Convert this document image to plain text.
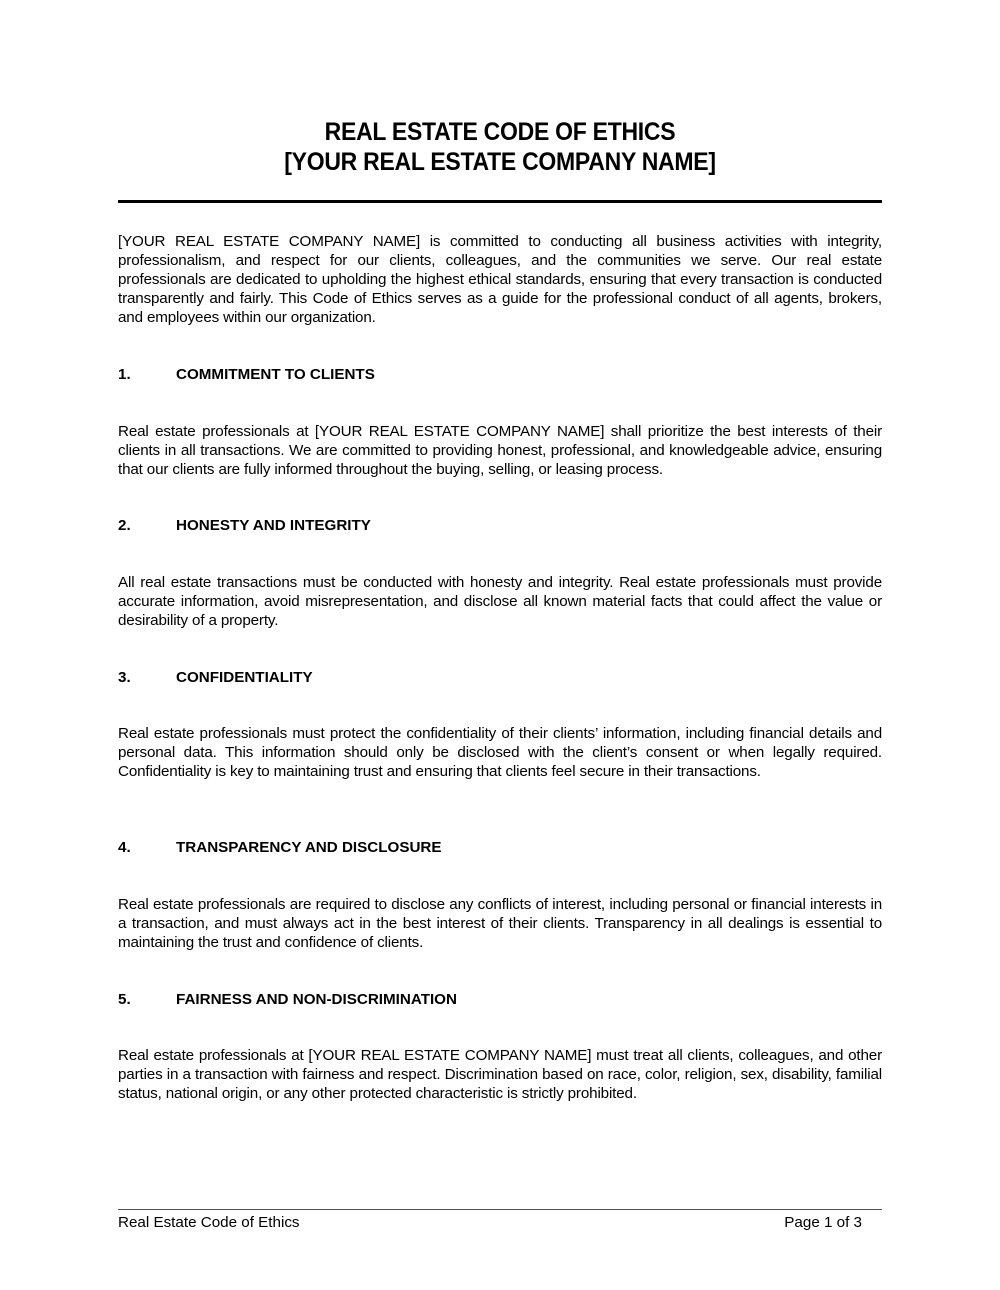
REAL ESTATE CODE OF ETHICS
[YOUR REAL ESTATE COMPANY NAME]

[YOUR REAL ESTATE COMPANY NAME] is committed to conducting all business activities with integrity, professionalism, and respect for our clients, colleagues, and the communities we serve. Our real estate professionals are dedicated to upholding the highest ethical standards, ensuring that every transaction is conducted transparently and fairly. This Code of Ethics serves as a guide for the professional conduct of all agents, brokers, and employees within our organization.

1.	COMMITMENT TO CLIENTS

Real estate professionals at [YOUR REAL ESTATE COMPANY NAME] shall prioritize the best interests of their clients in all transactions. We are committed to providing honest, professional, and knowledgeable advice, ensuring that our clients are fully informed throughout the buying, selling, or leasing process.

2.	HONESTY AND INTEGRITY

All real estate transactions must be conducted with honesty and integrity. Real estate professionals must provide accurate information, avoid misrepresentation, and disclose all known material facts that could affect the value or desirability of a property.

3.	CONFIDENTIALITY

Real estate professionals must protect the confidentiality of their clients’ information, including financial details and personal data. This information should only be disclosed with the client’s consent or when legally required. Confidentiality is key to maintaining trust and ensuring that clients feel secure in their transactions.

4.	TRANSPARENCY AND DISCLOSURE

Real estate professionals are required to disclose any conflicts of interest, including personal or financial interests in a transaction, and must always act in the best interest of their clients. Transparency in all dealings is essential to maintaining the trust and confidence of clients.

5.	FAIRNESS AND NON-DISCRIMINATION

Real estate professionals at [YOUR REAL ESTATE COMPANY NAME] must treat all clients, colleagues, and other parties in a transaction with fairness and respect. Discrimination based on race, color, religion, sex, disability, familial status, national origin, or any other protected characteristic is strictly prohibited.

Real Estate Code of Ethics	Page 1 of 3
